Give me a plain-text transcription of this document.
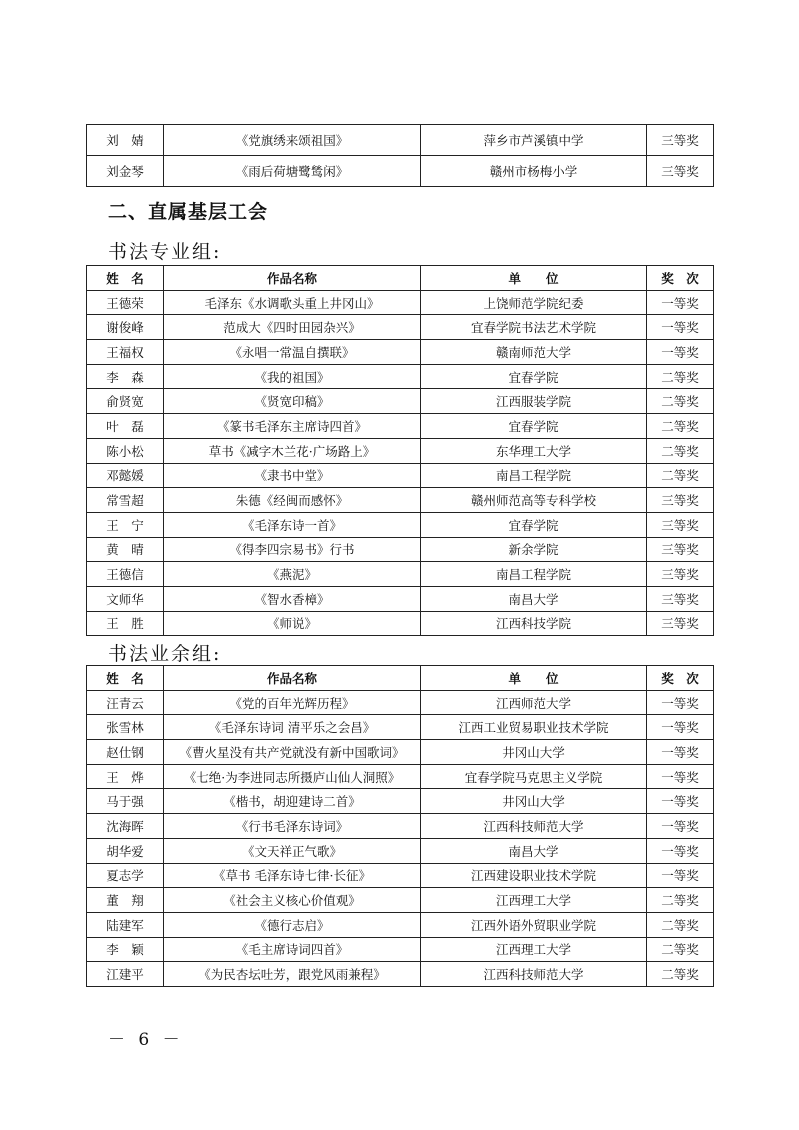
刘　婧	《党旗绣来颂祖国》	萍乡市芦溪镇中学	三等奖
刘金琴	《雨后荷塘鹭鸶闲》	赣州市杨梅小学	三等奖
二、直属基层工会
书法专业组:
姓　名	作品名称	单　　位	奖　次
王德荣	毛泽东《水调歌头重上井冈山》	上饶师范学院纪委	一等奖
谢俊峰	范成大《四时田园杂兴》	宜春学院书法艺术学院	一等奖
王福权	《永唱一常温自撰联》	赣南师范大学	一等奖
李　森	《我的祖国》	宜春学院	二等奖
俞贤宽	《贤宽印稿》	江西服装学院	二等奖
叶　磊	《篆书毛泽东主席诗四首》	宜春学院	二等奖
陈小松	草书《减字木兰花·广场路上》	东华理工大学	二等奖
邓懿媛	《隶书中堂》	南昌工程学院	二等奖
常雪超	朱德《经闽而感怀》	赣州师范高等专科学校	三等奖
王　宁	《毛泽东诗一首》	宜春学院	三等奖
黄　晴	《得李四宗易书》行书	新余学院	三等奖
王德信	《燕泥》	南昌工程学院	三等奖
文师华	《智水香樟》	南昌大学	三等奖
王　胜	《师说》	江西科技学院	三等奖
书法业余组:
姓　名	作品名称	单　　位	奖　次
汪青云	《党的百年光辉历程》	江西师范大学	一等奖
张雪林	《毛泽东诗词 清平乐之会昌》	江西工业贸易职业技术学院	一等奖
赵仕钢	《曹火星没有共产党就没有新中国歌词》	井冈山大学	一等奖
王　烨	《七绝·为李进同志所摄庐山仙人洞照》	宜春学院马克思主义学院	一等奖
马于强	《楷书，胡迎建诗二首》	井冈山大学	一等奖
沈海晖	《行书毛泽东诗词》	江西科技师范大学	一等奖
胡华爱	《文天祥正气歌》	南昌大学	一等奖
夏志学	《草书 毛泽东诗七律·长征》	江西建设职业技术学院	一等奖
董　翔	《社会主义核心价值观》	江西理工大学	二等奖
陆建军	《德行志启》	江西外语外贸职业学院	二等奖
李　颖	《毛主席诗词四首》	江西理工大学	二等奖
江建平	《为民杏坛吐芳，跟党风雨兼程》	江西科技师范大学	二等奖
－ 6 －
